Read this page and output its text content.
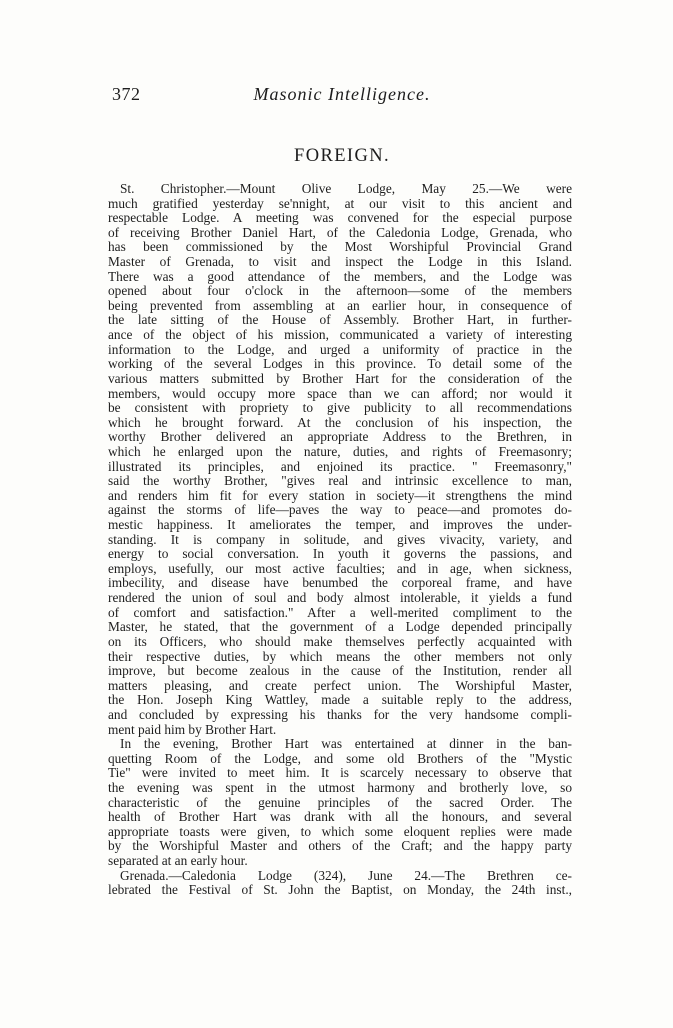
372	Masonic Intelligence.
FOREIGN.
St. Christopher.—Mount Olive Lodge, May 25.—We were
much gratified yesterday se'nnight, at our visit to this ancient and
respectable Lodge. A meeting was convened for the especial purpose
of receiving Brother Daniel Hart, of the Caledonia Lodge, Grenada, who
has been commissioned by the Most Worshipful Provincial Grand
Master of Grenada, to visit and inspect the Lodge in this Island.
There was a good attendance of the members, and the Lodge was
opened about four o'clock in the afternoon—some of the members
being prevented from assembling at an earlier hour, in consequence of
the late sitting of the House of Assembly. Brother Hart, in further-
ance of the object of his mission, communicated a variety of interesting
information to the Lodge, and urged a uniformity of practice in the
working of the several Lodges in this province. To detail some of the
various matters submitted by Brother Hart for the consideration of the
members, would occupy more space than we can afford; nor would it
be consistent with propriety to give publicity to all recommendations
which he brought forward. At the conclusion of his inspection, the
worthy Brother delivered an appropriate Address to the Brethren, in
which he enlarged upon the nature, duties, and rights of Freemasonry;
illustrated its principles, and enjoined its practice. " Freemasonry,"
said the worthy Brother, "gives real and intrinsic excellence to man,
and renders him fit for every station in society—it strengthens the mind
against the storms of life—paves the way to peace—and promotes do-
mestic happiness. It ameliorates the temper, and improves the under-
standing. It is company in solitude, and gives vivacity, variety, and
energy to social conversation. In youth it governs the passions, and
employs, usefully, our most active faculties; and in age, when sickness,
imbecility, and disease have benumbed the corporeal frame, and have
rendered the union of soul and body almost intolerable, it yields a fund
of comfort and satisfaction." After a well-merited compliment to the
Master, he stated, that the government of a Lodge depended principally
on its Officers, who should make themselves perfectly acquainted with
their respective duties, by which means the other members not only
improve, but become zealous in the cause of the Institution, render all
matters pleasing, and create perfect union. The Worshipful Master,
the Hon. Joseph King Wattley, made a suitable reply to the address,
and concluded by expressing his thanks for the very handsome compli-
ment paid him by Brother Hart.
In the evening, Brother Hart was entertained at dinner in the ban-
quetting Room of the Lodge, and some old Brothers of the "Mystic
Tie" were invited to meet him. It is scarcely necessary to observe that
the evening was spent in the utmost harmony and brotherly love, so
characteristic of the genuine principles of the sacred Order. The
health of Brother Hart was drank with all the honours, and several
appropriate toasts were given, to which some eloquent replies were made
by the Worshipful Master and others of the Craft; and the happy party
separated at an early hour.
Grenada.—Caledonia Lodge (324), June 24.—The Brethren ce-
lebrated the Festival of St. John the Baptist, on Monday, the 24th inst.,
